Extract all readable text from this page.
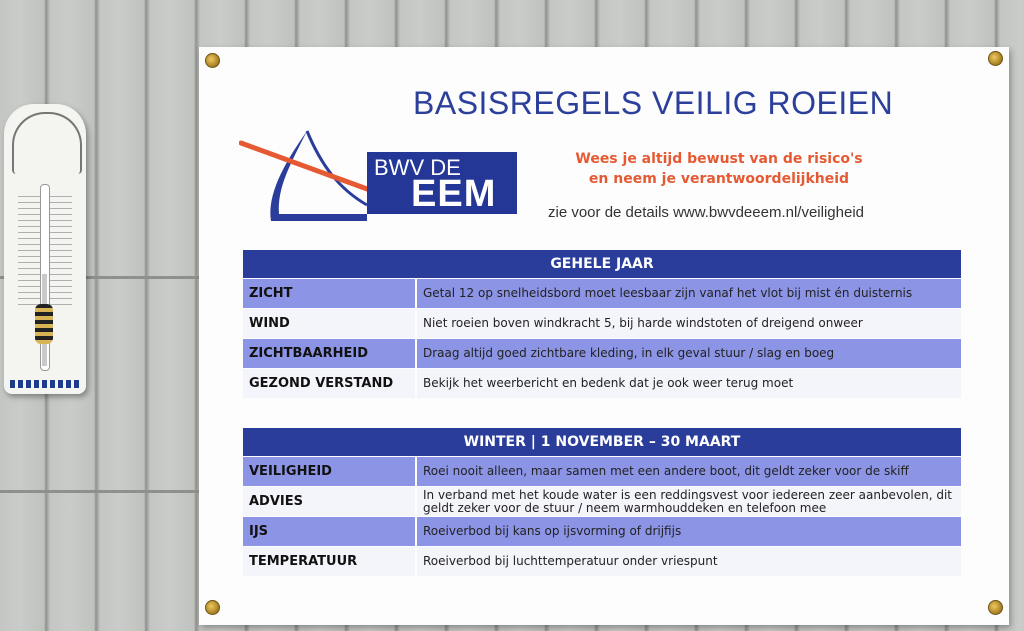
BASISREGELS VEILIG ROEIEN
BWV DE
EEM
Wees je altijd bewust van de risico's
en neem je verantwoordelijkheid
zie voor de details www.bwvdeeem.nl/veiligheid
GEHELE JAAR
ZICHT	Getal 12 op snelheidsbord moet leesbaar zijn vanaf het vlot bij mist én duisternis
WIND	Niet roeien boven windkracht 5, bij harde windstoten of dreigend onweer
ZICHTBAARHEID	Draag altijd goed zichtbare kleding, in elk geval stuur / slag en boeg
GEZOND VERSTAND	Bekijk het weerbericht en bedenk dat je ook weer terug moet
WINTER | 1 NOVEMBER – 30 MAART
VEILIGHEID	Roei nooit alleen, maar samen met een andere boot, dit geldt zeker voor de skiff
ADVIES	In verband met het koude water is een reddingsvest voor iedereen zeer aanbevolen, dit geldt zeker voor de stuur / neem warmhouddeken en telefoon mee
IJS	Roeiverbod bij kans op ijsvorming of drijfijs
TEMPERATUUR	Roeiverbod bij luchttemperatuur onder vriespunt
